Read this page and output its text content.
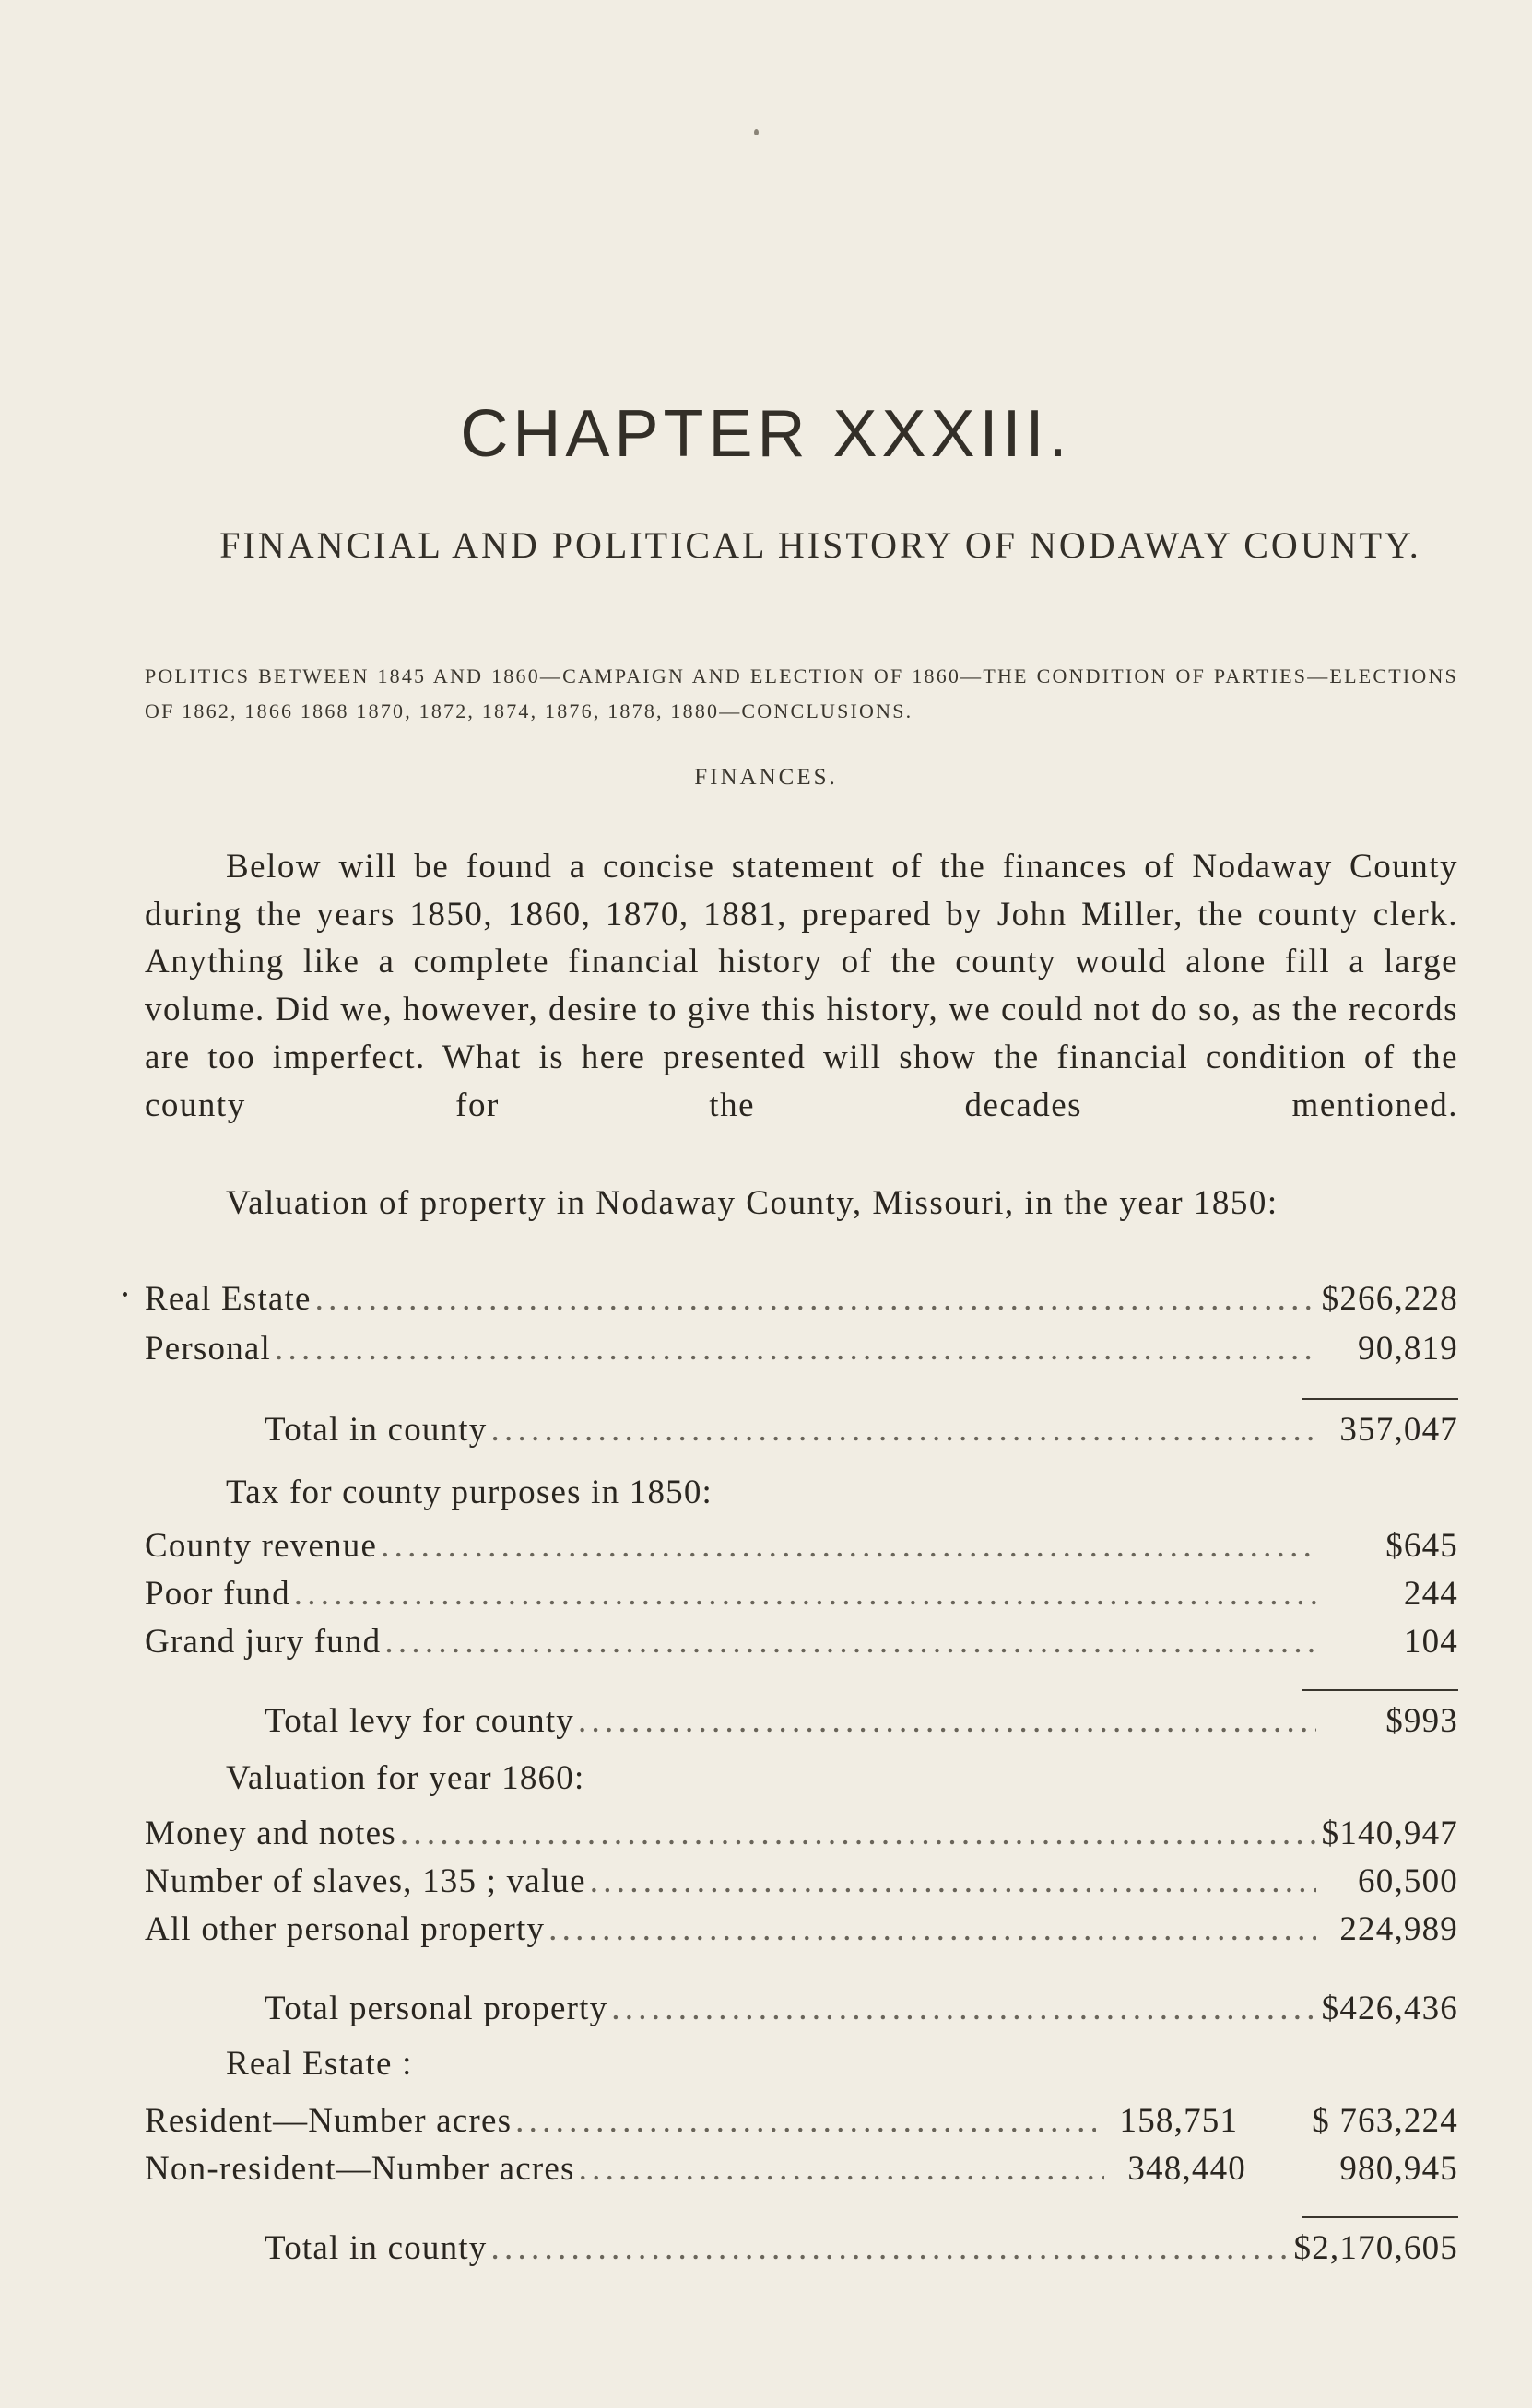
CHAPTER XXXIII.
FINANCIAL AND POLITICAL HISTORY OF NODAWAY COUNTY.
POLITICS BETWEEN 1845 AND 1860—CAMPAIGN AND ELECTION OF 1860—THE CONDITION OF PARTIES—ELECTIONS OF 1862, 1866 1868 1870, 1872, 1874, 1876, 1878, 1880—CONCLUSIONS.
FINANCES.

Below will be found a concise statement of the finances of Nodaway County during the years 1850, 1860, 1870, 1881, prepared by John Miller, the county clerk. Anything like a complete financial history of the county would alone fill a large volume. Did we, however, desire to give this history, we could not do so, as the records are too imperfect. What is here presented will show the financial condition of the county for the decades mentioned.

Valuation of property in Nodaway County, Missouri, in the year 1850:

Real Estate . . .	$266,228
Personal . . .	90,819
Total in county . . .	357,047
Tax for county purposes in 1850:
County revenue . . .	$645
Poor fund . . .	244
Grand jury fund . . .	104
Total levy for county . . .	$993
Valuation for year 1860:
Money and notes . . .	$140,947
Number of slaves, 135 ; value . . .	60,500
All other personal property . . .	224,989
Total personal property . . .	$426,436
Real Estate :
Resident—Number acres . . .	158,751 $ 763,224
Non-resident—Number acres . . .	348,440	980,945
Total in county . . .	$2,170,605
